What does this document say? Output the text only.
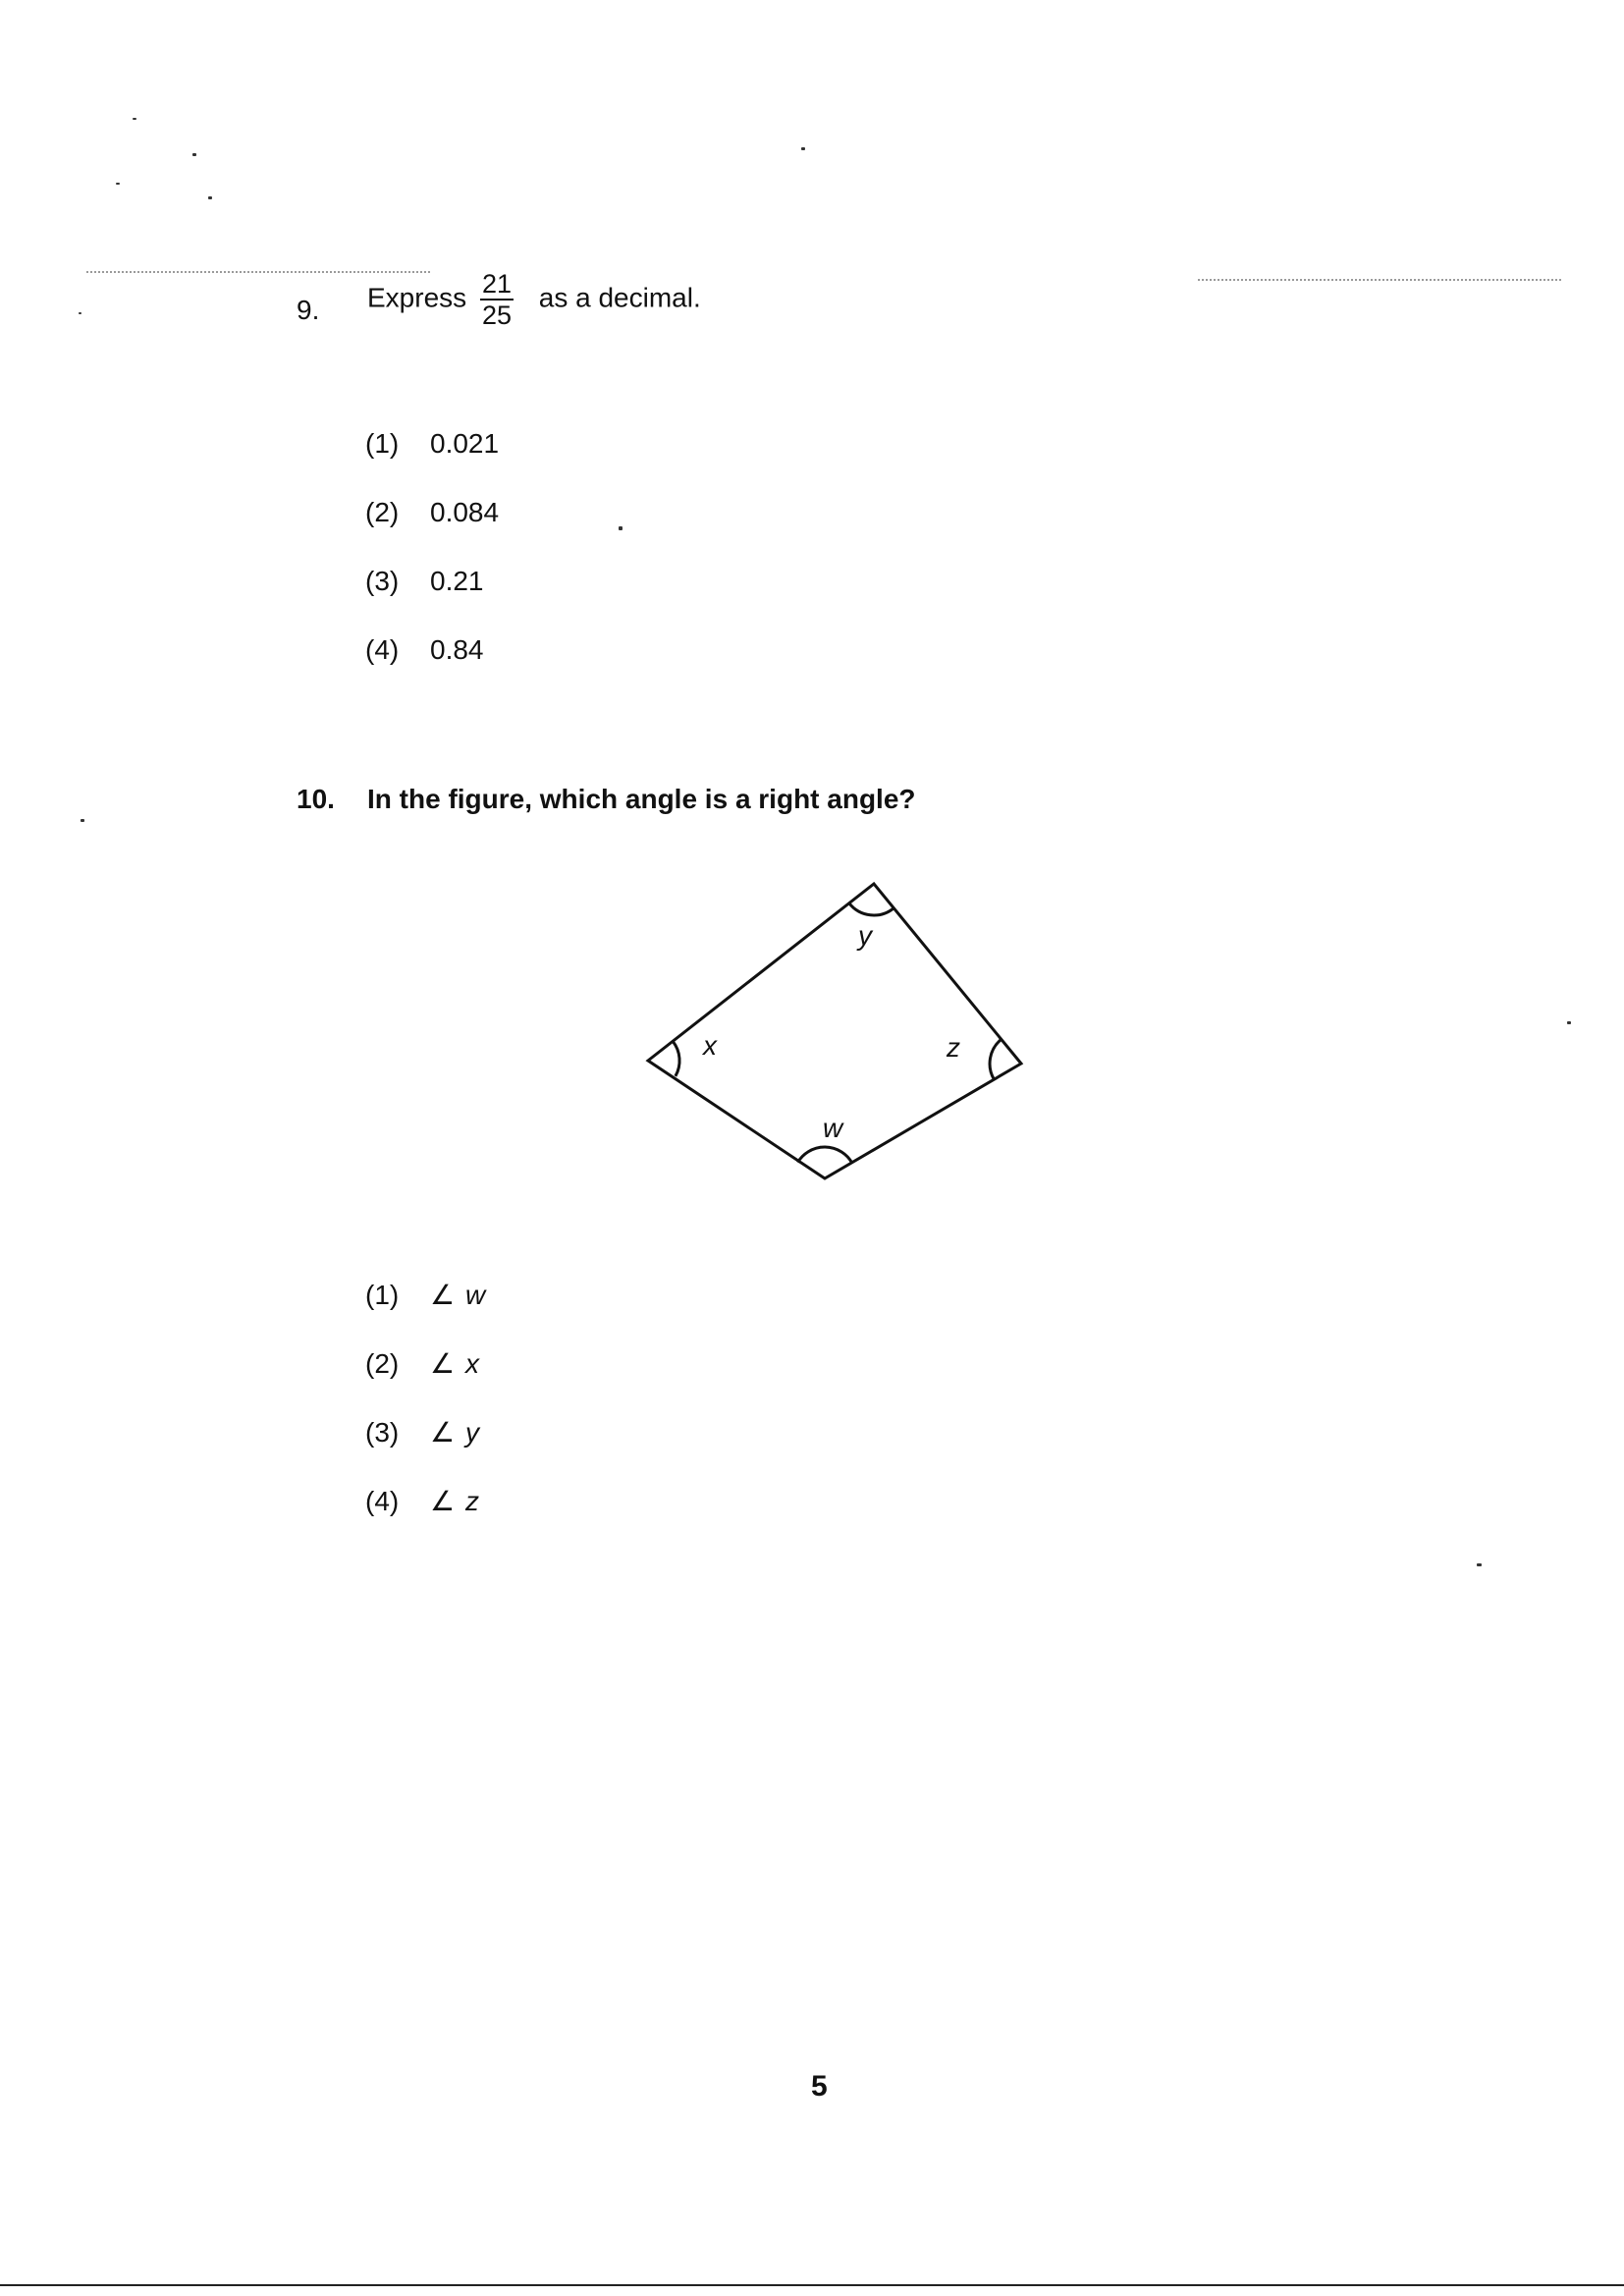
9. Express $\frac{21}{25}$ as a decimal.
(1) 0.021
(2) 0.084
(3) 0.21
(4) 0.84
10. In the figure, which angle is a right angle?
x
y
z
w
(1) ∠ w
(2) ∠ x
(3) ∠ y
(4) ∠ z
5
